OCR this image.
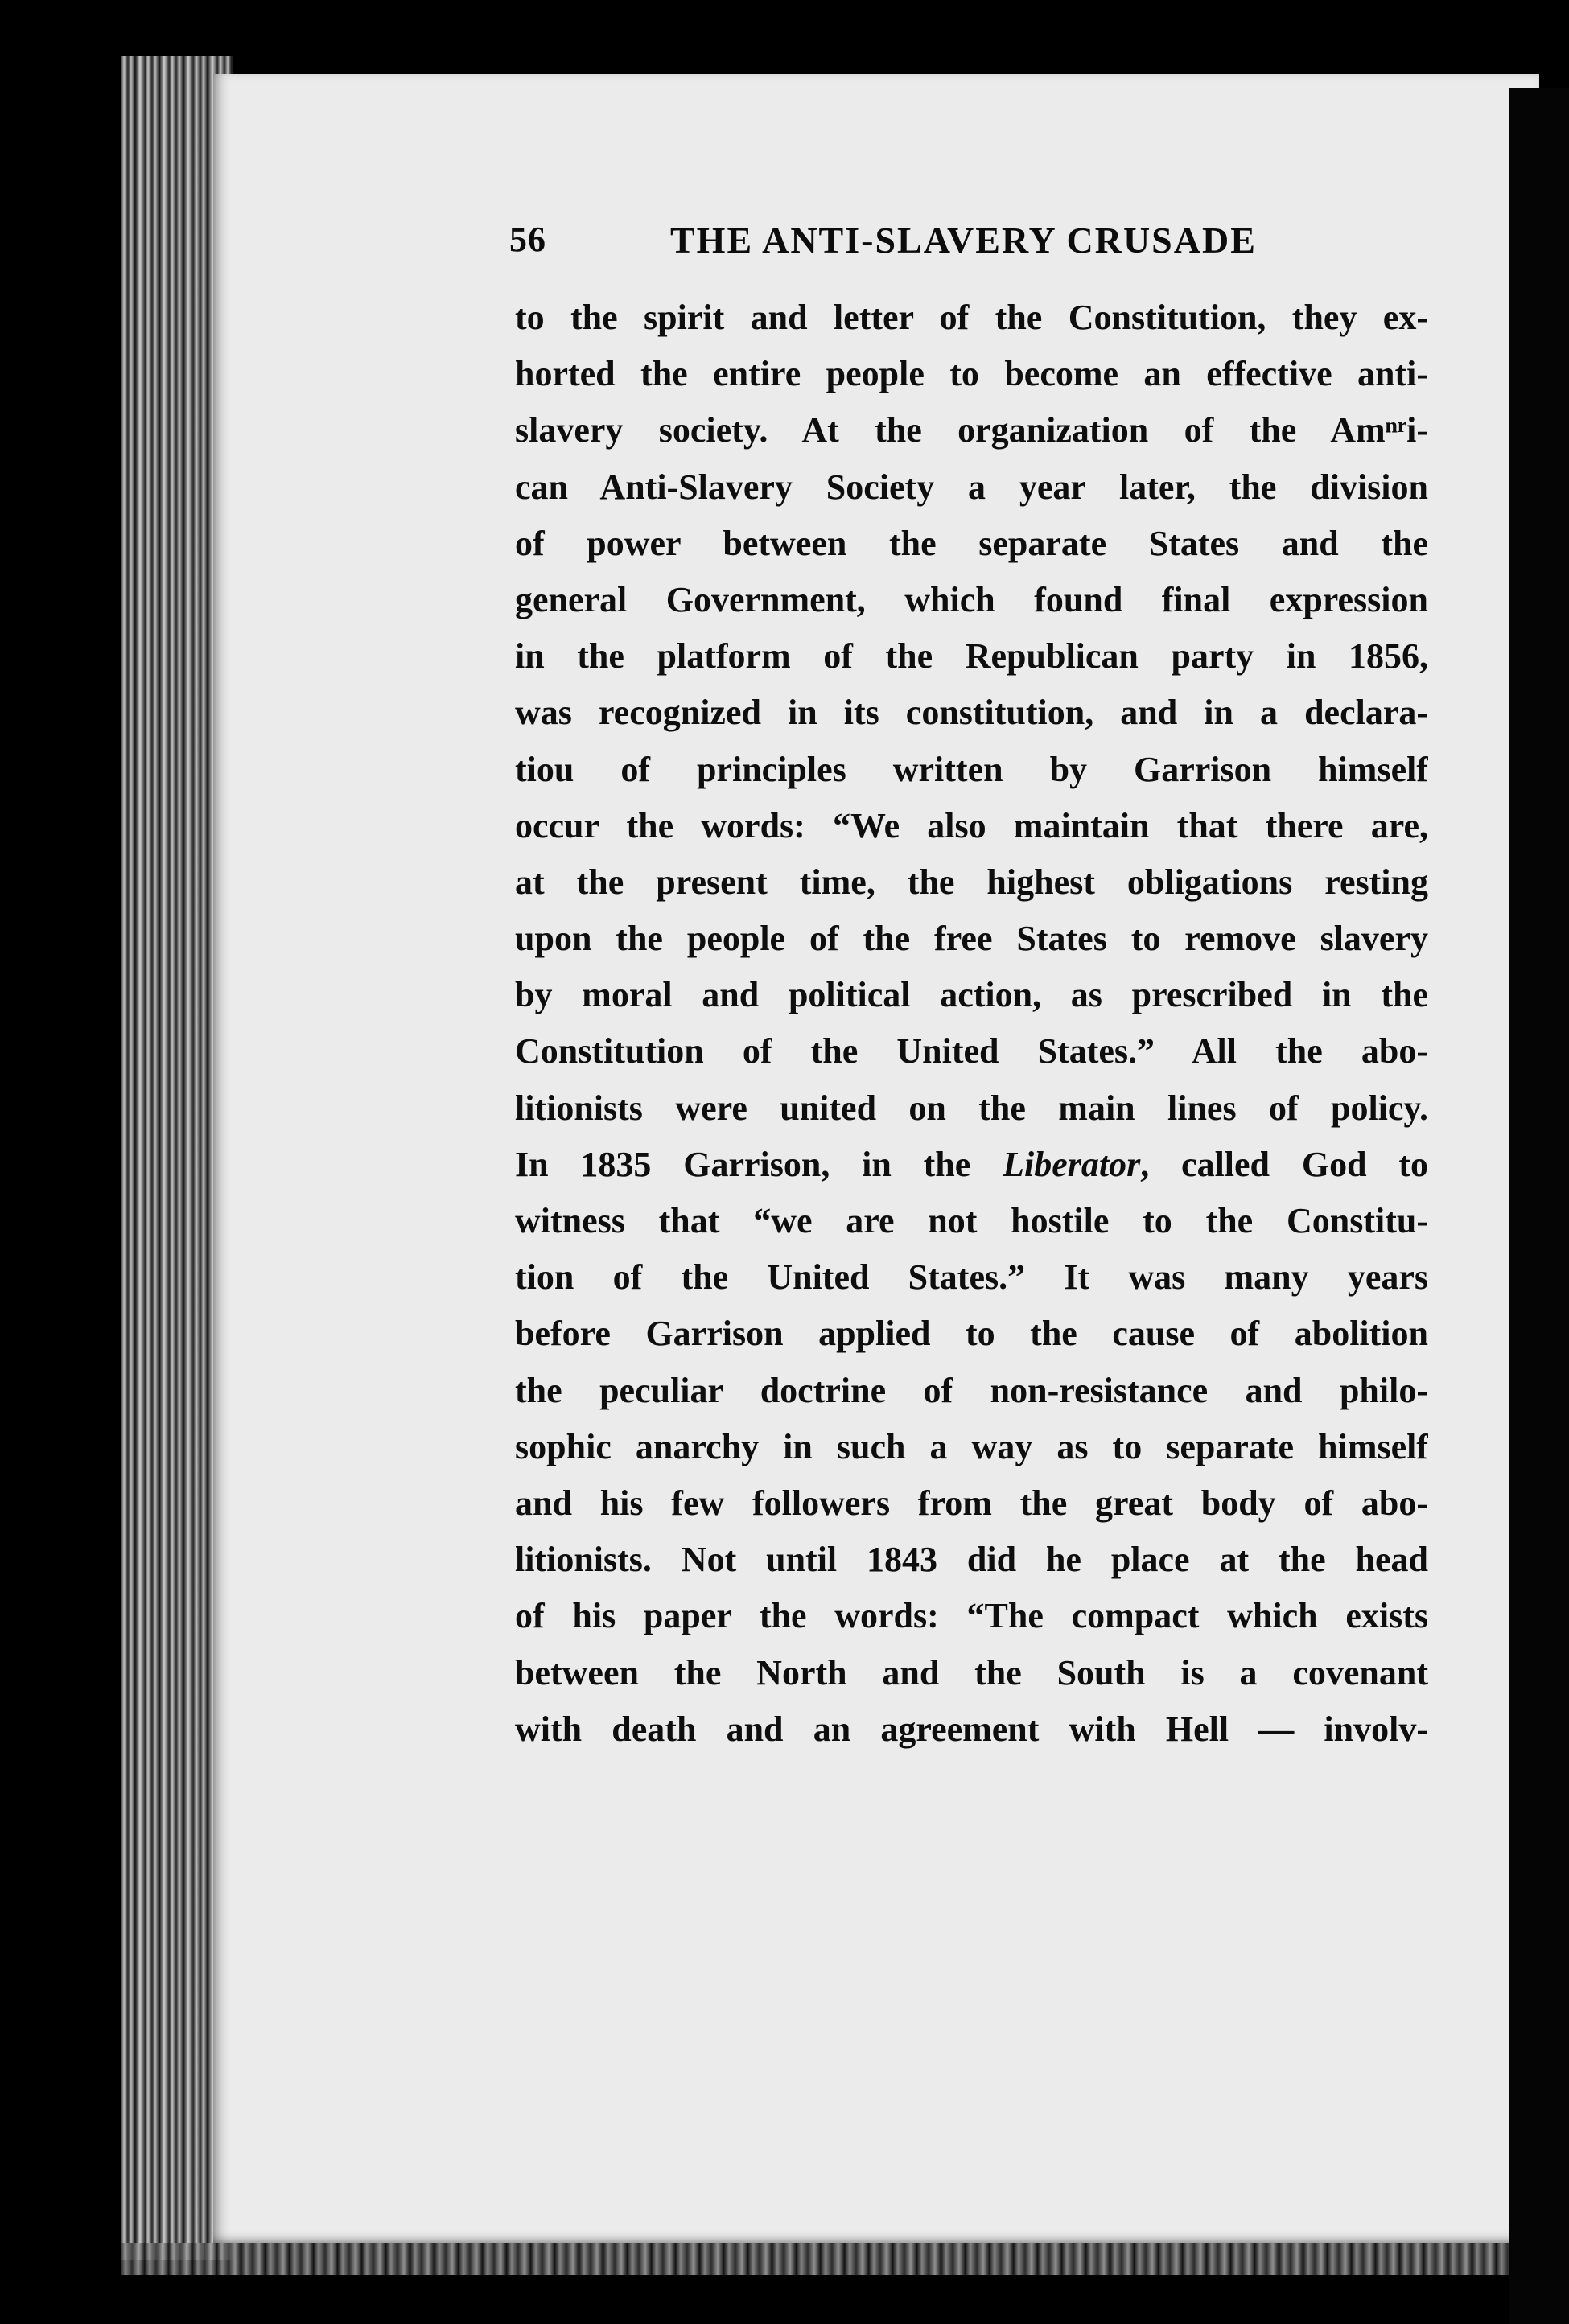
56	THE ANTI-SLAVERY CRUSADE
to the spirit and letter of the Constitution, they ex-
horted the entire people to become an effective anti-
slavery society. At the organization of the Amⁿʳi-
can Anti-Slavery Society a year later, the division
of power between the separate States and the
general Government, which found final expression
in the platform of the Republican party in 1856,
was recognized in its constitution, and in a declara-
tiou of principles written by Garrison himself
occur the words: “We also maintain that there are,
at the present time, the highest obligations resting
upon the people of the free States to remove slavery
by moral and political action, as prescribed in the
Constitution of the United States.” All the abo-
litionists were united on the main lines of policy.
In 1835 Garrison, in the Liberator, called God to
witness that “we are not hostile to the Constitu-
tion of the United States.” It was many years
before Garrison applied to the cause of abolition
the peculiar doctrine of non-resistance and philo-
sophic anarchy in such a way as to separate himself
and his few followers from the great body of abo-
litionists. Not until 1843 did he place at the head
of his paper the words: “The compact which exists
between the North and the South is a covenant
with death and an agreement with Hell — involv-
